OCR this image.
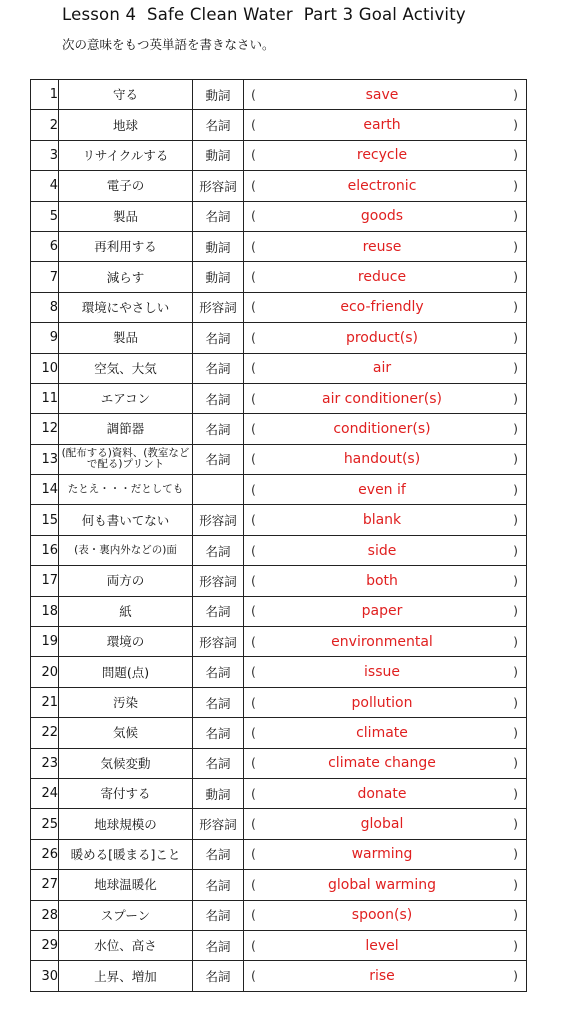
Lesson 4  Safe Clean Water  Part 3 Goal Activity
次の意味をもつ英単語を書きなさい。
1	守る	動詞	( save )

2	地球	名詞	( earth )

3	リサイクルする	動詞	( recycle )

4	電子の	形容詞	( electronic )

5	製品	名詞	( goods )

6	再利用する	動詞	( reuse )

7	減らす	動詞	( reduce )

8	環境にやさしい	形容詞	( eco-friendly )

9	製品	名詞	( product(s) )

10	空気、大気	名詞	( air )

11	エアコン	名詞	( air conditioner(s) )

12	調節器	名詞	( conditioner(s) )

13	(配布する)資料、(教室などで配る)プリント	名詞	( handout(s) )

14	たとえ・・・だとしても		( even if )

15	何も書いてない	形容詞	( blank )

16	(表・裏内外などの)面	名詞	( side )

17	両方の	形容詞	( both )

18	紙	名詞	( paper )

19	環境の	形容詞	( environmental )

20	問題(点)	名詞	( issue )

21	汚染	名詞	( pollution )

22	気候	名詞	( climate )

23	気候変動	名詞	( climate change )

24	寄付する	動詞	( donate )

25	地球規模の	形容詞	( global )

26	暖める[暖まる]こと	名詞	( warming )

27	地球温暖化	名詞	( global warming )

28	スプーン	名詞	( spoon(s) )

29	水位、高さ	名詞	( level )

30	上昇、増加	名詞	( rise )
